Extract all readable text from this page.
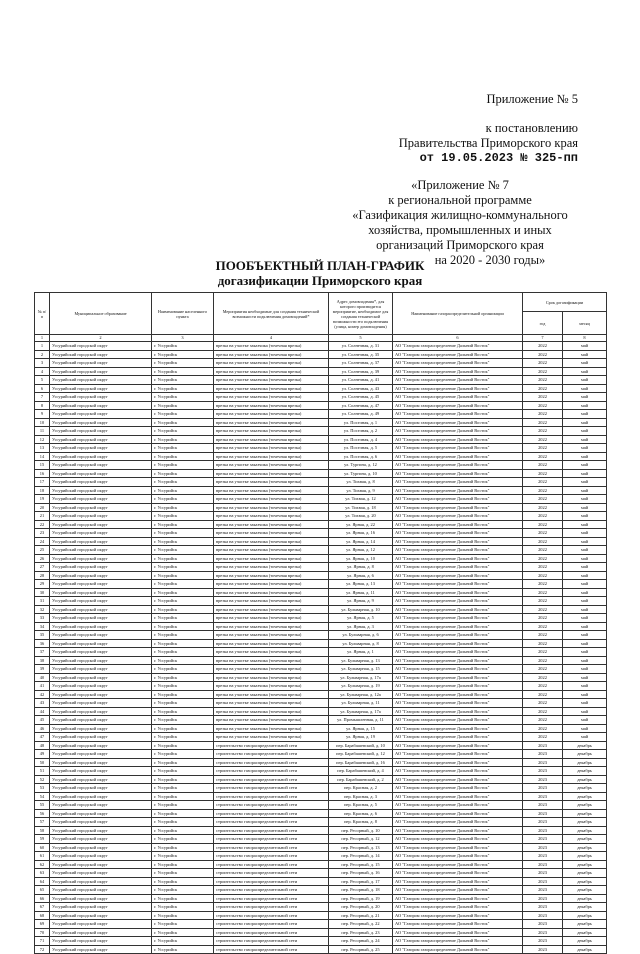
Приложение № 5
к постановлению
Правительства Приморского края
от 19.05.2023 № 325-пп
«Приложение № 7
к региональной программе
«Газификация жилищно-коммунального
хозяйства, промышленных и иных
организаций Приморского края
на 2020 - 2030 годы»
ПООБЪЕКТНЫЙ ПЛАН-ГРАФИК
догазификации Приморского края
№ п/п	Муниципальное образование	Наименование населенного пункта	Мероприятия необходимые для создания технической возможности подключения домовладений*	Адрес домовладения*, для которого производится мероприятие, необходимое для создания технической возможности его подключения (улица, номер домовладения)	Наименование газораспределительной организации	Срок догазификации	
						год	месяц
1	2	3	4	5	6	7	8
1	Уссурийский городской округ	г. Уссурийск	врезка на участке заказчика (точечная врезка)	ул. Солнечная, д. 31	АО "Газпром газораспределение Дальний Восток"	2022	май
2	Уссурийский городской округ	г. Уссурийск	врезка на участке заказчика (точечная врезка)	ул. Солнечная, д. 35	АО "Газпром газораспределение Дальний Восток"	2022	май
3	Уссурийский городской округ	г. Уссурийск	врезка на участке заказчика (точечная врезка)	ул. Солнечная, д. 37	АО "Газпром газораспределение Дальний Восток"	2022	май
4	Уссурийский городской округ	г. Уссурийск	врезка на участке заказчика (точечная врезка)	ул. Солнечная, д. 39	АО "Газпром газораспределение Дальний Восток"	2022	май
5	Уссурийский городской округ	г. Уссурийск	врезка на участке заказчика (точечная врезка)	ул. Солнечная, д. 41	АО "Газпром газораспределение Дальний Восток"	2022	май
6	Уссурийский городской округ	г. Уссурийск	врезка на участке заказчика (точечная врезка)	ул. Солнечная, д. 43	АО "Газпром газораспределение Дальний Восток"	2022	май
7	Уссурийский городской округ	г. Уссурийск	врезка на участке заказчика (точечная врезка)	ул. Солнечная, д. 45	АО "Газпром газораспределение Дальний Восток"	2022	май
8	Уссурийский городской округ	г. Уссурийск	врезка на участке заказчика (точечная врезка)	ул. Солнечная, д. 47	АО "Газпром газораспределение Дальний Восток"	2022	май
9	Уссурийский городской округ	г. Уссурийск	врезка на участке заказчика (точечная врезка)	ул. Солнечная, д. 49	АО "Газпром газораспределение Дальний Восток"	2022	май
10	Уссурийский городской округ	г. Уссурийск	врезка на участке заказчика (точечная врезка)	ул. Поселная, д. 1	АО "Газпром газораспределение Дальний Восток"	2022	май
11	Уссурийский городской округ	г. Уссурийск	врезка на участке заказчика (точечная врезка)	ул. Поселная, д. 2	АО "Газпром газораспределение Дальний Восток"	2022	май
12	Уссурийский городской округ	г. Уссурийск	врезка на участке заказчика (точечная врезка)	ул. Поселная, д. 4	АО "Газпром газораспределение Дальний Восток"	2022	май
13	Уссурийский городской округ	г. Уссурийск	врезка на участке заказчика (точечная врезка)	ул. Поселная, д. 5	АО "Газпром газораспределение Дальний Восток"	2022	май
14	Уссурийский городской округ	г. Уссурийск	врезка на участке заказчика (точечная врезка)	ул. Поселная, д. 6	АО "Газпром газораспределение Дальний Восток"	2022	май
15	Уссурийский городской округ	г. Уссурийск	врезка на участке заказчика (точечная врезка)	ул. Тургина, д. 12	АО "Газпром газораспределение Дальний Восток"	2022	май
16	Уссурийский городской округ	г. Уссурийск	врезка на участке заказчика (точечная врезка)	ул. Тургина, д. 10	АО "Газпром газораспределение Дальний Восток"	2022	май
17	Уссурийский городской округ	г. Уссурийск	врезка на участке заказчика (точечная врезка)	ул. Тихвая, д. 8	АО "Газпром газораспределение Дальний Восток"	2022	май
18	Уссурийский городской округ	г. Уссурийск	врезка на участке заказчика (точечная врезка)	ул. Тихвая, д. 9	АО "Газпром газораспределение Дальний Восток"	2022	май
19	Уссурийский городской округ	г. Уссурийск	врезка на участке заказчика (точечная врезка)	ул. Тихвая, д. 12	АО "Газпром газораспределение Дальний Восток"	2022	май
20	Уссурийский городской округ	г. Уссурийск	врезка на участке заказчика (точечная врезка)	ул. Тихвая, д. 18	АО "Газпром газораспределение Дальний Восток"	2022	май
21	Уссурийский городской округ	г. Уссурийск	врезка на участке заказчика (точечная врезка)	ул. Тихвая, д. 20	АО "Газпром газораспределение Дальний Восток"	2022	май
22	Уссурийский городской округ	г. Уссурийск	врезка на участке заказчика (точечная врезка)	ул. Ярная, д. 22	АО "Газпром газораспределение Дальний Восток"	2022	май
23	Уссурийский городской округ	г. Уссурийск	врезка на участке заказчика (точечная врезка)	ул. Ярная, д. 16	АО "Газпром газораспределение Дальний Восток"	2022	май
24	Уссурийский городской округ	г. Уссурийск	врезка на участке заказчика (точечная врезка)	ул. Ярная, д. 14	АО "Газпром газораспределение Дальний Восток"	2022	май
25	Уссурийский городской округ	г. Уссурийск	врезка на участке заказчика (точечная врезка)	ул. Ярная, д. 12	АО "Газпром газораспределение Дальний Восток"	2022	май
26	Уссурийский городской округ	г. Уссурийск	врезка на участке заказчика (точечная врезка)	ул. Ярная, д. 10	АО "Газпром газораспределение Дальний Восток"	2022	май
27	Уссурийский городской округ	г. Уссурийск	врезка на участке заказчика (точечная врезка)	ул. Ярная, д. 8	АО "Газпром газораспределение Дальний Восток"	2022	май
28	Уссурийский городской округ	г. Уссурийск	врезка на участке заказчика (точечная врезка)	ул. Ярная, д. 6	АО "Газпром газораспределение Дальний Восток"	2022	май
29	Уссурийский городской округ	г. Уссурийск	врезка на участке заказчика (точечная врезка)	ул. Ярная, д. 13	АО "Газпром газораспределение Дальний Восток"	2022	май
30	Уссурийский городской округ	г. Уссурийск	врезка на участке заказчика (точечная врезка)	ул. Ярная, д. 11	АО "Газпром газораспределение Дальний Восток"	2022	май
31	Уссурийский городской округ	г. Уссурийск	врезка на участке заказчика (точечная врезка)	ул. Ярная, д. 9	АО "Газпром газораспределение Дальний Восток"	2022	май
32	Уссурийский городской округ	г. Уссурийск	врезка на участке заказчика (точечная врезка)	ул. Бульварная, д. 10	АО "Газпром газораспределение Дальний Восток"	2022	май
33	Уссурийский городской округ	г. Уссурийск	врезка на участке заказчика (точечная врезка)	ул. Ярная, д. 5	АО "Газпром газораспределение Дальний Восток"	2022	май
34	Уссурийский городской округ	г. Уссурийск	врезка на участке заказчика (точечная врезка)	ул. Ярная, д. 3	АО "Газпром газораспределение Дальний Восток"	2022	май
35	Уссурийский городской округ	г. Уссурийск	врезка на участке заказчика (точечная врезка)	ул. Бульварная, д. 6	АО "Газпром газораспределение Дальний Восток"	2022	май
36	Уссурийский городской округ	г. Уссурийск	врезка на участке заказчика (точечная врезка)	ул. Бульварная, д. 8	АО "Газпром газораспределение Дальний Восток"	2022	май
37	Уссурийский городской округ	г. Уссурийск	врезка на участке заказчика (точечная врезка)	ул. Ярная, д. 1	АО "Газпром газораспределение Дальний Восток"	2022	май
38	Уссурийский городской округ	г. Уссурийск	врезка на участке заказчика (точечная врезка)	ул. Бульварная, д. 13	АО "Газпром газораспределение Дальний Восток"	2022	май
39	Уссурийский городской округ	г. Уссурийск	врезка на участке заказчика (точечная врезка)	ул. Бульварная, д. 15	АО "Газпром газораспределение Дальний Восток"	2022	май
40	Уссурийский городской округ	г. Уссурийск	врезка на участке заказчика (точечная врезка)	ул. Бульварная, д. 17а	АО "Газпром газораспределение Дальний Восток"	2022	май
41	Уссурийский городской округ	г. Уссурийск	врезка на участке заказчика (точечная врезка)	ул. Бульварная, д. 19	АО "Газпром газораспределение Дальний Восток"	2022	май
42	Уссурийский городской округ	г. Уссурийск	врезка на участке заказчика (точечная врезка)	ул. Бульварная, д. 12а	АО "Газпром газораспределение Дальний Восток"	2022	май
43	Уссурийский городской округ	г. Уссурийск	врезка на участке заказчика (точечная врезка)	ул. Бульварная, д. 11	АО "Газпром газораспределение Дальний Восток"	2022	май
44	Уссурийский городской округ	г. Уссурийск	врезка на участке заказчика (точечная врезка)	ул. Бульварная, д. 17а	АО "Газпром газораспределение Дальний Восток"	2022	май
45	Уссурийский городской округ	г. Уссурийск	врезка на участке заказчика (точечная врезка)	ул. Промышленная, д. 11	АО "Газпром газораспределение Дальний Восток"	2022	май
46	Уссурийский городской округ	г. Уссурийск	врезка на участке заказчика (точечная врезка)	ул. Ярная, д. 15	АО "Газпром газораспределение Дальний Восток"	2022	май
47	Уссурийский городской округ	г. Уссурийск	врезка на участке заказчика (точечная врезка)	ул. Ярная, д. 19	АО "Газпром газораспределение Дальний Восток"	2022	май
48	Уссурийский городской округ	г. Уссурийск	строительство газораспределительной сети	пер. Барабашевский, д. 10	АО "Газпром газораспределение Дальний Восток"	2023	декабрь
49	Уссурийский городской округ	г. Уссурийск	строительство газораспределительной сети	пер. Барабашевский, д. 12	АО "Газпром газораспределение Дальний Восток"	2023	декабрь
50	Уссурийский городской округ	г. Уссурийск	строительство газораспределительной сети	пер. Барабашевский, д. 16	АО "Газпром газораспределение Дальний Восток"	2023	декабрь
51	Уссурийский городской округ	г. Уссурийск	строительство газораспределительной сети	пер. Барабашевский, д. 4	АО "Газпром газораспределение Дальний Восток"	2023	декабрь
52	Уссурийский городской округ	г. Уссурийск	строительство газораспределительной сети	пер. Барабашевский, д. 2	АО "Газпром газораспределение Дальний Восток"	2023	декабрь
53	Уссурийский городской округ	г. Уссурийск	строительство газораспределительной сети	пер. Красная, д. 2	АО "Газпром газораспределение Дальний Восток"	2023	декабрь
54	Уссурийский городской округ	г. Уссурийск	строительство газораспределительной сети	пер. Красная, д. 3	АО "Газпром газораспределение Дальний Восток"	2023	декабрь
55	Уссурийский городской округ	г. Уссурийск	строительство газораспределительной сети	пер. Красная, д. 5	АО "Газпром газораспределение Дальний Восток"	2023	декабрь
56	Уссурийский городской округ	г. Уссурийск	строительство газораспределительной сети	пер. Красная, д. 6	АО "Газпром газораспределение Дальний Восток"	2023	декабрь
57	Уссурийский городской округ	г. Уссурийск	строительство газораспределительной сети	пер. Красная, д. 8	АО "Газпром газораспределение Дальний Восток"	2023	декабрь
58	Уссурийский городской округ	г. Уссурийск	строительство газораспределительной сети	пер. Ресорный, д. 10	АО "Газпром газораспределение Дальний Восток"	2023	декабрь
59	Уссурийский городской округ	г. Уссурийск	строительство газораспределительной сети	пер. Ресорный, д. 12	АО "Газпром газораспределение Дальний Восток"	2023	декабрь
60	Уссурийский городской округ	г. Уссурийск	строительство газораспределительной сети	пер. Ресорный, д. 13	АО "Газпром газораспределение Дальний Восток"	2023	декабрь
61	Уссурийский городской округ	г. Уссурийск	строительство газораспределительной сети	пер. Ресорный, д. 14	АО "Газпром газораспределение Дальний Восток"	2023	декабрь
62	Уссурийский городской округ	г. Уссурийск	строительство газораспределительной сети	пер. Ресорный, д. 15	АО "Газпром газораспределение Дальний Восток"	2023	декабрь
63	Уссурийский городской округ	г. Уссурийск	строительство газораспределительной сети	пер. Ресорный, д. 16	АО "Газпром газораспределение Дальний Восток"	2023	декабрь
64	Уссурийский городской округ	г. Уссурийск	строительство газораспределительной сети	пер. Ресорный, д. 17	АО "Газпром газораспределение Дальний Восток"	2023	декабрь
65	Уссурийский городской округ	г. Уссурийск	строительство газораспределительной сети	пер. Ресорный, д. 18	АО "Газпром газораспределение Дальний Восток"	2023	декабрь
66	Уссурийский городской округ	г. Уссурийск	строительство газораспределительной сети	пер. Ресорный, д. 19	АО "Газпром газораспределение Дальний Восток"	2023	декабрь
67	Уссурийский городской округ	г. Уссурийск	строительство газораспределительной сети	пер. Ресорный, д. 20	АО "Газпром газораспределение Дальний Восток"	2023	декабрь
68	Уссурийский городской округ	г. Уссурийск	строительство газораспределительной сети	пер. Ресорный, д. 21	АО "Газпром газораспределение Дальний Восток"	2023	декабрь
69	Уссурийский городской округ	г. Уссурийск	строительство газораспределительной сети	пер. Ресорный, д. 22	АО "Газпром газораспределение Дальний Восток"	2023	декабрь
70	Уссурийский городской округ	г. Уссурийск	строительство газораспределительной сети	пер. Ресорный, д. 23	АО "Газпром газораспределение Дальний Восток"	2023	декабрь
71	Уссурийский городской округ	г. Уссурийск	строительство газораспределительной сети	пер. Ресорный, д. 24	АО "Газпром газораспределение Дальний Восток"	2023	декабрь
72	Уссурийский городской округ	г. Уссурийск	строительство газораспределительной сети	пер. Ресорный, д. 25	АО "Газпром газораспределение Дальний Восток"	2023	декабрь
